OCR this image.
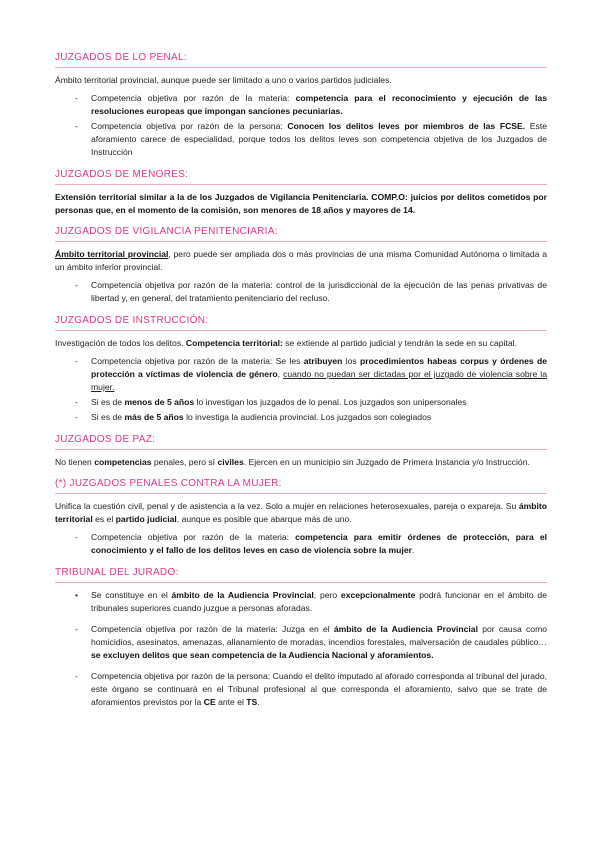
JUZGADOS DE LO PENAL:

Ámbito territorial provincial, aunque puede ser limitado a uno o varios partidos judiciales.

-	Competencia objetiva por razón de la materia: competencia para el reconocimiento y ejecución de las resoluciones europeas que impongan sanciones pecuniarias.
-	Competencia objetiva por razón de la persona: Conocen los delitos leves por miembros de las FCSE. Este aforamiento carece de especialidad, porque todos los delitos leves son competencia objetiva de los Juzgados de Instrucción
JUZGADOS DE MENORES:

Extensión territorial similar a la de los Juzgados de Vigilancia Penitenciaria. COMP.O: juicios por delitos cometidos por personas que, en el momento de la comisión, son menores de 18 años y mayores de 14.

JUZGADOS DE VIGILANCIA PENITENCIARIA:

Ámbito territorial provincial, pero puede ser ampliada dos o más provincias de una misma Comunidad Autónoma o limitada a un ámbito inferior provincial.

-	Competencia objetiva por razón de la materia: control de la jurisdiccional de la ejecución de las penas privativas de libertad y, en general, del tratamiento penitenciario del recluso.
JUZGADOS DE INSTRUCCIÓN:

Investigación de todos los delitos. Competencia territorial: se extiende al partido judicial y tendrán la sede en su capital.

-	Competencia objetiva por razón de la materia: Se les atribuyen los procedimientos habeas corpus y órdenes de protección a víctimas de violencia de género, cuando no puedan ser dictadas por el juzgado de violencia sobre la mujer.
-	Si es de menos de 5 años lo investigan los juzgados de lo penal. Los juzgados son unipersonales
-	Si es de más de 5 años lo investiga la audiencia provincial. Los juzgados son colegiados
JUZGADOS DE PAZ:

No tienen competencias penales, pero sí civiles. Ejercen en un municipio sin Juzgado de Primera Instancia y/o Instrucción.

(*) JUZGADOS PENALES CONTRA LA MUJER:

Unifica la cuestión civil, penal y de asistencia a la vez. Solo a mujer en relaciones heterosexuales, pareja o expareja. Su ámbito territorial es el partido judicial, aunque es posible que abarque más de uno.

-	Competencia objetiva por razón de la materia: competencia para emitir órdenes de protección, para el conocimiento y el fallo de los delitos leves en caso de violencia sobre la mujer.
TRIBUNAL DEL JURADO:
•	Se constituye en el ámbito de la Audiencia Provincial, pero excepcionalmente podrá funcionar en el ámbito de tribunales superiores cuando juzgue a personas aforadas.
-	Competencia objetiva por razón de la materia: Juzga en el ámbito de la Audiencia Provincial por causa como homicidios, asesinatos, amenazas, allanamiento de moradas, incendios forestales, malversación de caudales público… se excluyen delitos que sean competencia de la Audiencia Nacional y aforamientos.
-	Competencia objetiva por razón de la persona: Cuando el delito imputado al aforado corresponda al tribunal del jurado, este órgano se continuará en el Tribunal profesional al que corresponda el aforamiento, salvo que se trate de aforamientos previstos por la CE ante el TS.
